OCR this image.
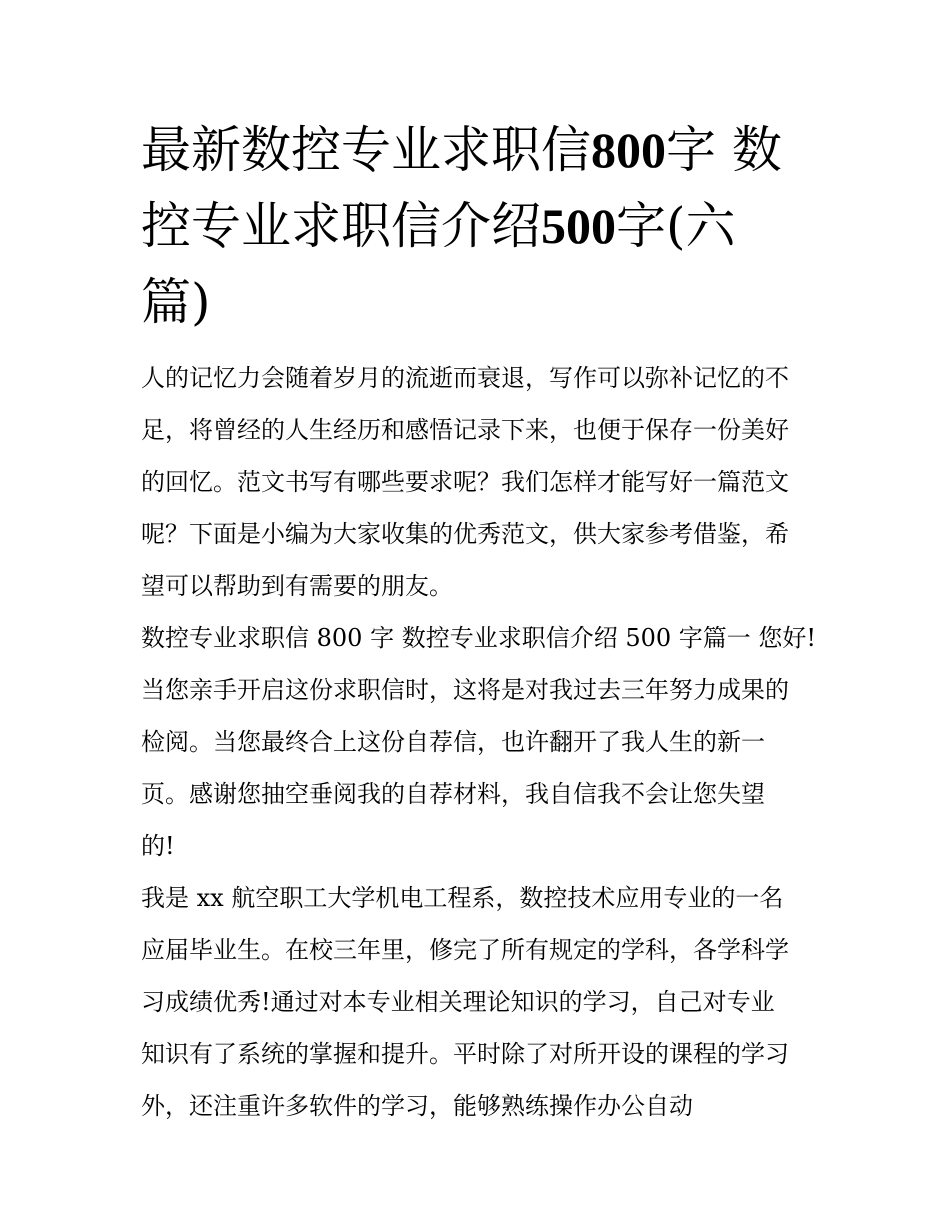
最新数控专业求职信800字 数
控专业求职信介绍500字(六
篇)

人的记忆力会随着岁月的流逝而衰退，写作可以弥补记忆的不
足，将曾经的人生经历和感悟记录下来，也便于保存一份美好
的回忆。范文书写有哪些要求呢？我们怎样才能写好一篇范文
呢？下面是小编为大家收集的优秀范文，供大家参考借鉴，希
望可以帮助到有需要的朋友。

数控专业求职信 800 字 数控专业求职信介绍 500 字篇一 您好!
当您亲手开启这份求职信时，这将是对我过去三年努力成果的
检阅。当您最终合上这份自荐信，也许翻开了我人生的新一
页。感谢您抽空垂阅我的自荐材料，我自信我不会让您失望
的!

我是 xx 航空职工大学机电工程系，数控技术应用专业的一名
应届毕业生。在校三年里，修完了所有规定的学科，各学科学
习成绩优秀!通过对本专业相关理论知识的学习，自己对专业
知识有了系统的掌握和提升。平时除了对所开设的课程的学习
外，还注重许多软件的学习，能够熟练操作办公自动
